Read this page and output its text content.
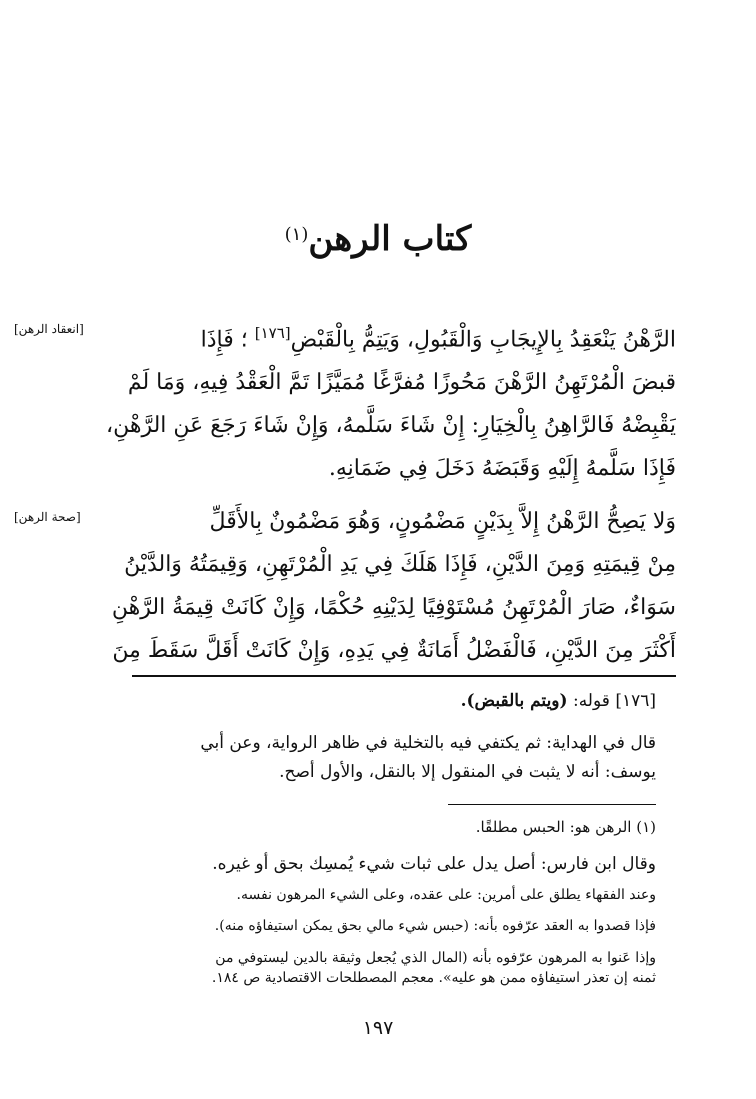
كتاب الرهن$^{(١)}$
الرَّهْنُ يَنْعَقِدُ بِالإِيجَابِ وَالْقَبُولِ، وَيَتِمُّ بِالْقَبْضِ[١٧٦] ؛ فَإِذَا
قبضَ الْمُرْتَهِنُ الرَّهْنَ مَحُوزًا مُفرَّغًا مُمَيَّزًا تَمَّ الْعَقْدُ فِيهِ، وَمَا لَمْ
يَقْبِضْهُ فَالرَّاهِنُ بِالْخِيَارِ: إِنْ شَاءَ سَلَّمهُ، وَإِنْ شَاءَ رَجَعَ عَنِ الرَّهْنِ،
فَإِذَا سَلَّمهُ إِلَيْهِ وَقَبَضَهُ دَخَلَ فِي ضَمَانِهِ.
[انعقاد الرهن]
وَلا يَصِحُّ الرَّهْنُ إِلاَّ بِدَيْنٍ مَضْمُونٍ، وَهُوَ مَضْمُونٌ بِالأَقَلِّ
مِنْ قِيمَتِهِ وَمِنَ الدَّيْنِ، فَإِذَا هَلَكَ فِي يَدِ الْمُرْتَهِنِ، وَقِيمَتُهُ وَالدَّيْنُ
سَوَاءٌ، صَارَ الْمُرْتَهِنُ مُسْتَوْفِيًا لِدَيْنِهِ حُكْمًا، وَإِنْ كَانَتْ قِيمَةُ الرَّهْنِ
أَكْثَرَ مِنَ الدَّيْنِ، فَالْفَضْلُ أَمَانَةٌ فِي يَدِهِ، وَإِنْ كَانَتْ أَقَلَّ سَقَطَ مِنَ
[صحة الرهن]
[١٧٦] قوله: (ويتم بالقبض).
قال في الهداية: ثم يكتفي فيه بالتخلية في ظاهر الرواية، وعن أبي
يوسف: أنه لا يثبت في المنقول إلا بالنقل، والأول أصح.
(١) الرهن هو: الحبس مطلقًا.
وقال ابن فارس: أصل يدل على ثبات شيء يُمسِك بحق أو غيره.
وعند الفقهاء يطلق على أمرين: على عقده، وعلى الشيء المرهون نفسه.
فإذا قصدوا به العقد عرّفوه بأنه: (حبس شيء مالي بحق يمكن استيفاؤه منه).
وإذا عَنوا به المرهون عرّفوه بأنه (المال الذي يُجعل وثيقة بالدين ليستوفي من
ثمنه إن تعذر استيفاؤه ممن هو عليه». معجم المصطلحات الاقتصادية ص ١٨٤.
١٩٧
